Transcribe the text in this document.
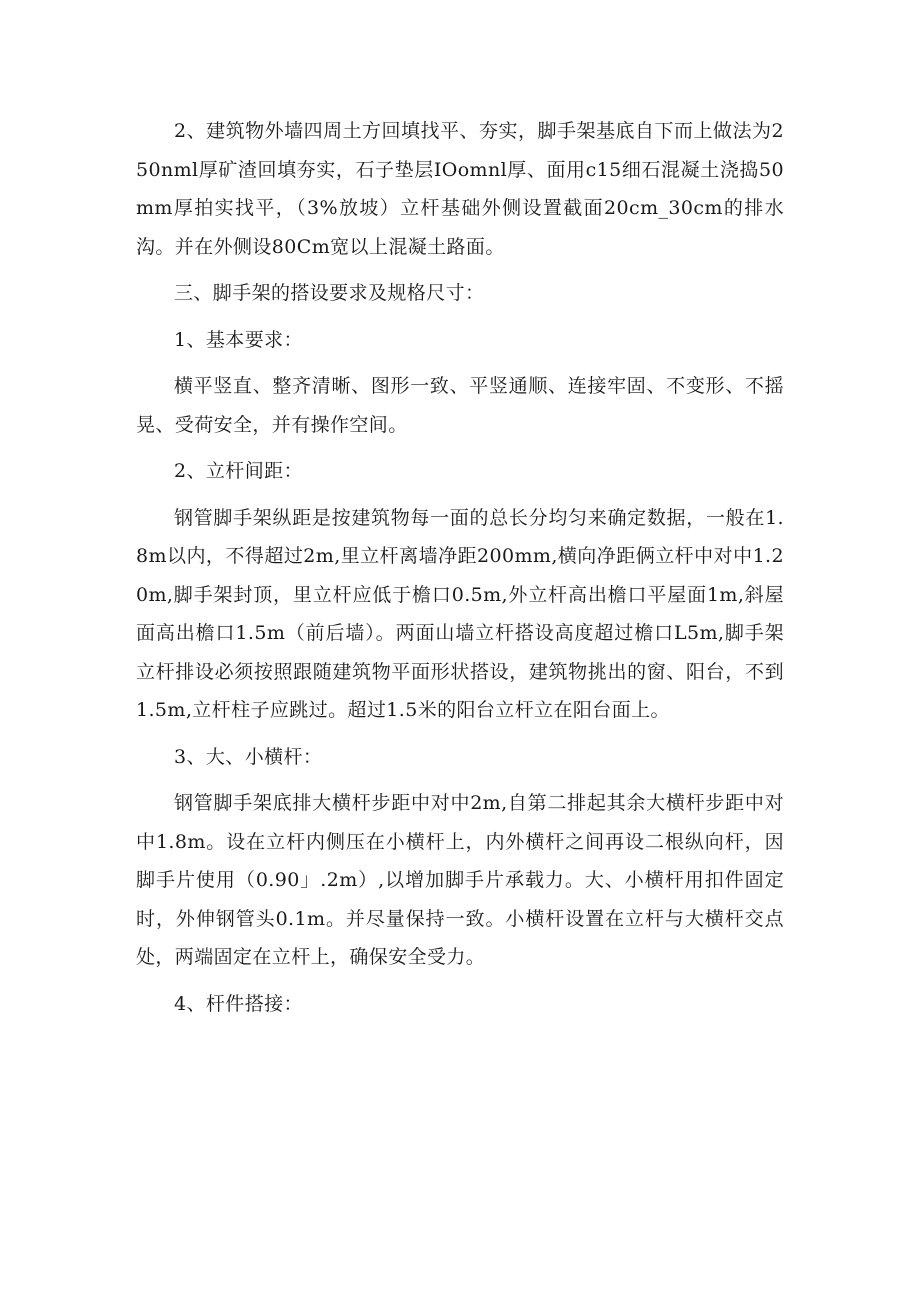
2、建筑物外墙四周土方回填找平、夯实，脚手架基底自下而上做法为250nml厚矿渣回填夯实，石子垫层IOomnl厚、面用c15细石混凝土浇捣50mm厚拍实找平，（3%放坡）立杆基础外侧设置截面20cm_30cm的排水沟。并在外侧设80Cm宽以上混凝土路面。

三、脚手架的搭设要求及规格尺寸：

1、基本要求：

横平竖直、整齐清晰、图形一致、平竖通顺、连接牢固、不变形、不摇晃、受荷安全，并有操作空间。

2、立杆间距：

钢管脚手架纵距是按建筑物每一面的总长分均匀来确定数据，一般在1.8m以内，不得超过2m,里立杆离墙净距200mm,横向净距俩立杆中对中1.20m,脚手架封顶，里立杆应低于檐口0.5m,外立杆高出檐口平屋面1m,斜屋面高出檐口1.5m（前后墙）。两面山墙立杆搭设高度超过檐口L5m,脚手架立杆排设必须按照跟随建筑物平面形状搭设，建筑物挑出的窗、阳台，不到1.5m,立杆柱子应跳过。超过1.5米的阳台立杆立在阳台面上。

3、大、小横杆：

钢管脚手架底排大横杆步距中对中2m,自第二排起其余大横杆步距中对中1.8m。设在立杆内侧压在小横杆上，内外横杆之间再设二根纵向杆，因脚手片使用（0.90」.2m）,以增加脚手片承载力。大、小横杆用扣件固定时，外伸钢管头0.1m。并尽量保持一致。小横杆设置在立杆与大横杆交点处，两端固定在立杆上，确保安全受力。

4、杆件搭接：
